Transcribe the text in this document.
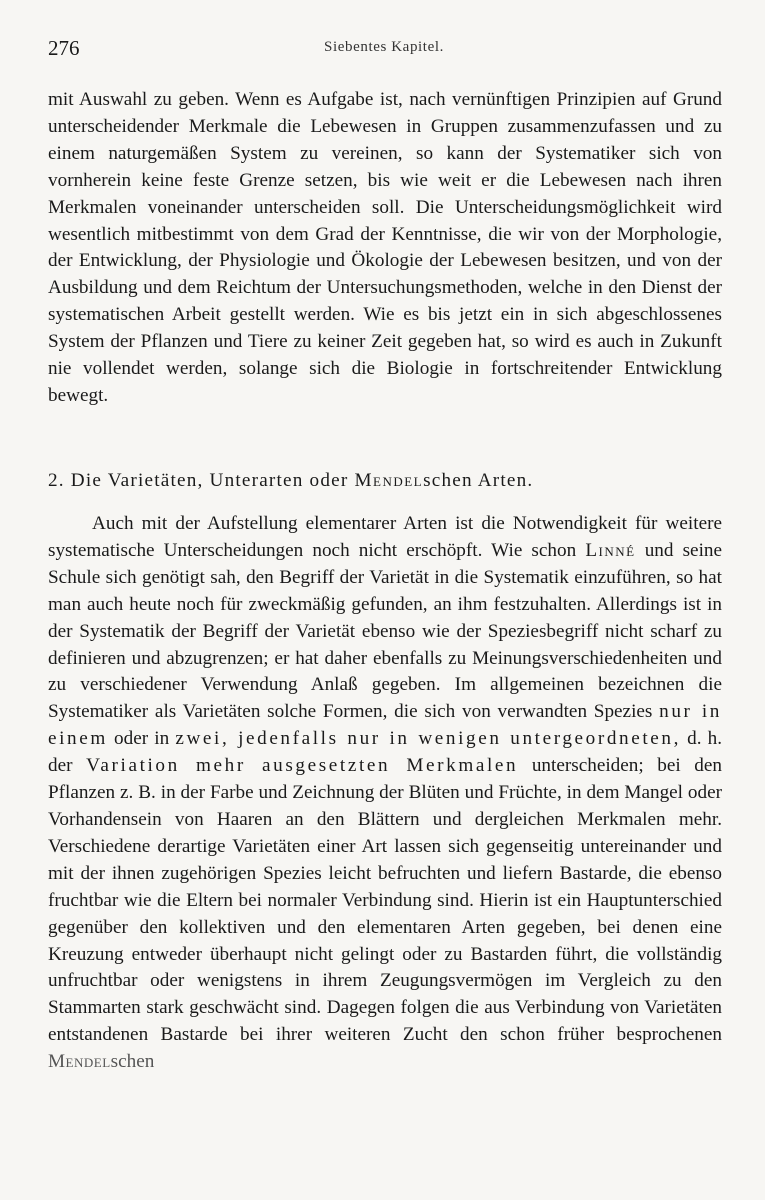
276	Siebentes Kapitel.

mit Auswahl zu geben. Wenn es Aufgabe ist, nach vernünftigen Prinzipien auf Grund unterscheidender Merkmale die Lebewesen in Gruppen zusammenzufassen und zu einem naturgemäßen System zu vereinen, so kann der Systematiker sich von vornherein keine feste Grenze setzen, bis wie weit er die Lebewesen nach ihren Merkmalen voneinander unterscheiden soll. Die Unterscheidungsmöglichkeit wird wesentlich mitbestimmt von dem Grad der Kenntnisse, die wir von der Morphologie, der Entwicklung, der Physiologie und Ökologie der Lebewesen besitzen, und von der Ausbildung und dem Reichtum der Untersuchungsmethoden, welche in den Dienst der systematischen Arbeit gestellt werden. Wie es bis jetzt ein in sich abgeschlossenes System der Pflanzen und Tiere zu keiner Zeit gegeben hat, so wird es auch in Zukunft nie vollendet werden, solange sich die Biologie in fortschreitender Entwicklung bewegt.

2. Die Varietäten, Unterarten oder Mendelschen Arten.

Auch mit der Aufstellung elementarer Arten ist die Notwendigkeit für weitere systematische Unterscheidungen noch nicht erschöpft. Wie schon Linné und seine Schule sich genötigt sah, den Begriff der Varietät in die Systematik einzuführen, so hat man auch heute noch für zweckmäßig gefunden, an ihm festzuhalten. Allerdings ist in der Systematik der Begriff der Varietät ebenso wie der Speziesbegriff nicht scharf zu definieren und abzugrenzen; er hat daher ebenfalls zu Meinungsverschiedenheiten und zu verschiedener Verwendung Anlaß gegeben. Im allgemeinen bezeichnen die Systematiker als Varietäten solche Formen, die sich von verwandten Spezies nur in einem oder in zwei, jedenfalls nur in wenigen untergeordneten, d. h. der Variation mehr ausgesetzten Merkmalen unterscheiden; bei den Pflanzen z. B. in der Farbe und Zeichnung der Blüten und Früchte, in dem Mangel oder Vorhandensein von Haaren an den Blättern und dergleichen Merkmalen mehr. Verschiedene derartige Varietäten einer Art lassen sich gegenseitig untereinander und mit der ihnen zugehörigen Spezies leicht befruchten und liefern Bastarde, die ebenso fruchtbar wie die Eltern bei normaler Verbindung sind. Hierin ist ein Hauptunterschied gegenüber den kollektiven und den elementaren Arten gegeben, bei denen eine Kreuzung entweder überhaupt nicht gelingt oder zu Bastarden führt, die vollständig unfruchtbar oder wenigstens in ihrem Zeugungsvermögen im Vergleich zu den Stammarten stark geschwächt sind. Dagegen folgen die aus Verbindung von Varietäten entstandenen Bastarde bei ihrer weiteren Zucht den schon früher besprochenen Mendelschen
